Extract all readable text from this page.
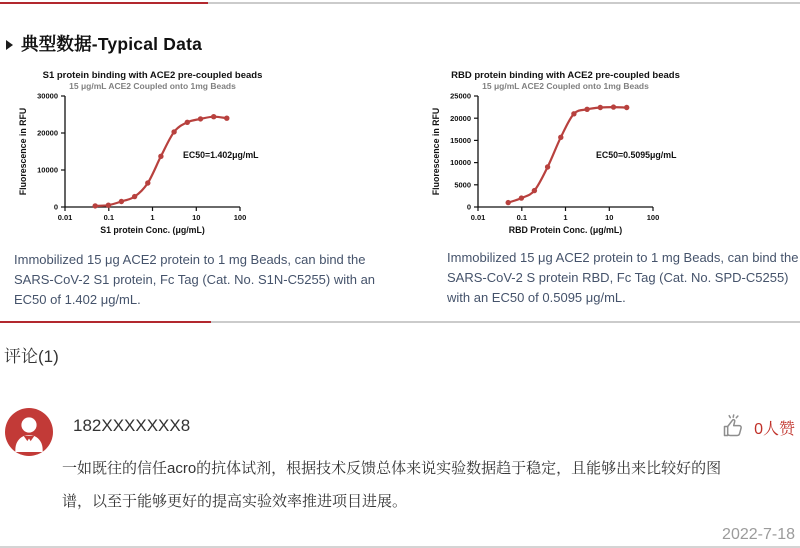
典型数据-Typical Data
S1 protein binding with ACE2 pre-coupled beads
15 μg/mL ACE2 Coupled onto 1mg Beads
0
10000
20000
30000
0.01	0.1	1	10	100
S1 protein Conc. (μg/mL)
Fluorescence in RFU	EC50=1.402μg/mL
RBD protein binding with ACE2 pre-coupled beads
15 μg/mL ACE2 Coupled onto 1mg Beads
0
5000
10000
15000
20000
25000
0.01	0.1	1	10	100
RBD Protein Conc. (μg/mL)
Fluorescence in RFU	EC50=0.5095μg/mL
Immobilized 15 μg ACE2 protein to 1 mg Beads, can bind the SARS-CoV-2 S1 protein, Fc Tag (Cat. No. S1N-C5255) with an EC50 of 1.402 μg/mL.
Immobilized 15 μg ACE2 protein to 1 mg Beads, can bind the SARS-CoV-2 S protein RBD, Fc Tag (Cat. No. SPD-C5255) with an EC50 of 0.5095 μg/mL.
评论(1)
182XXXXXXX8	0人赞
一如既往的信任acro的抗体试剂，根据技术反馈总体来说实验数据趋于稳定，且能够出来比较好的图谱，以至于能够更好的提高实验效率推进项目进展。
2022-7-18
